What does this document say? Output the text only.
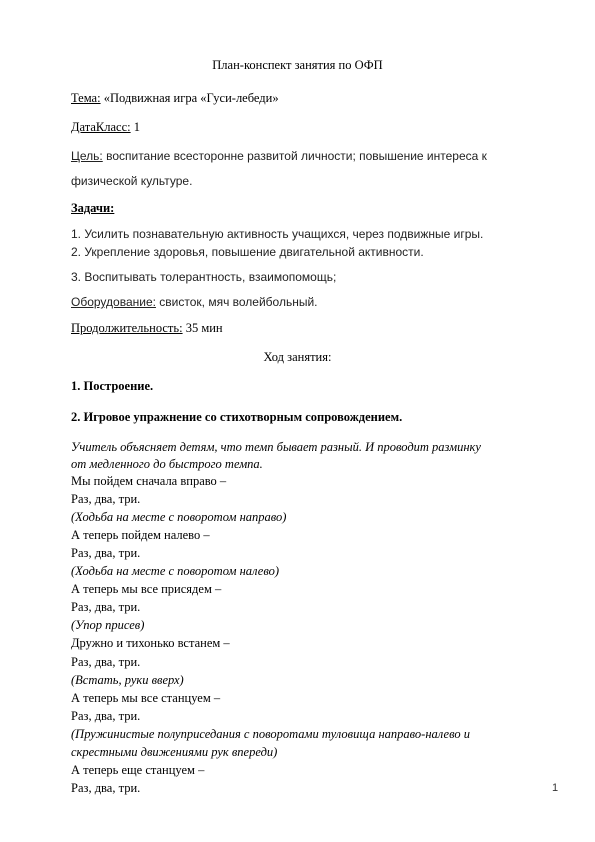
План-конспект занятия по ОФП
Тема: «Подвижная игра «Гуси-лебеди»
ДатаКласс: 1
Цель: воспитание всесторонне развитой личности; повышение интереса к
физической культуре.
Задачи:
1. Усилить познавательную активность учащихся, через подвижные игры.
2. Укрепление здоровья, повышение двигательной активности.
3. Воспитывать толерантность, взаимопомощь;
Оборудование: свисток, мяч волейбольный.
Продолжительность: 35 мин
Ход занятия:
1. Построение.
2. Игровое упражнение со стихотворным сопровождением.
Учитель объясняет детям, что темп бывает разный. И проводит разминку
от медленного до быстрого темпа.
Мы пойдем сначала вправо –
Раз, два, три.
(Ходьба на месте с поворотом направо)
А теперь пойдем налево –
Раз, два, три.
(Ходьба на месте с поворотом налево)
А теперь мы все присядем –
Раз, два, три.
(Упор присев)
Дружно и тихонько встанем –
Раз, два, три.
(Встать, руки вверх)
А теперь мы все станцуем –
Раз, два, три.
(Пружинистые полуприседания с поворотами туловища направо-налево и
скрестными движениями рук впереди)
А теперь еще станцуем –
Раз, два, три.	1
